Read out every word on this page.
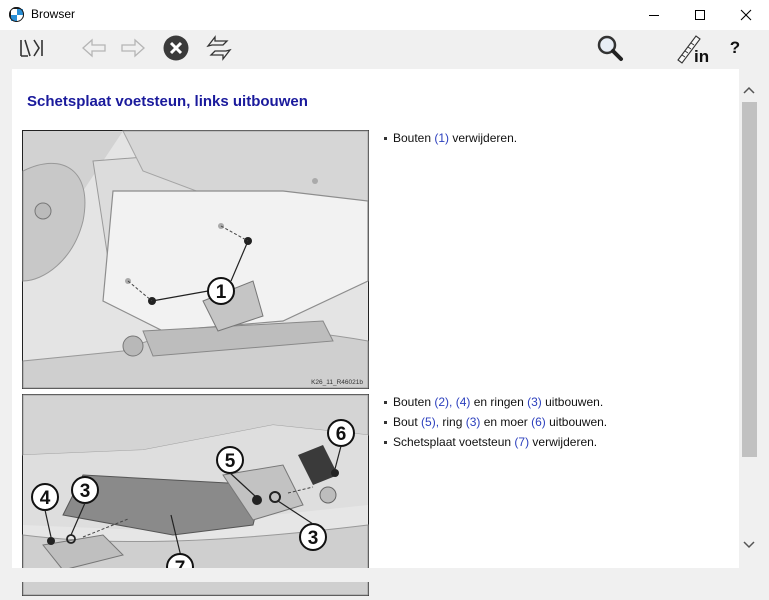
Browser
in ?
Schetsplaat voetsteun, links uitbouwen
1
K26_11_R46021b
Bouten (1) verwijderen.
4 3
5
6
3
Bouten (2), (4) en ringen (3) uitbouwen.
Bout (5), ring (3) en moer (6) uitbouwen.
Schetsplaat voetsteun (7) verwijderen.
